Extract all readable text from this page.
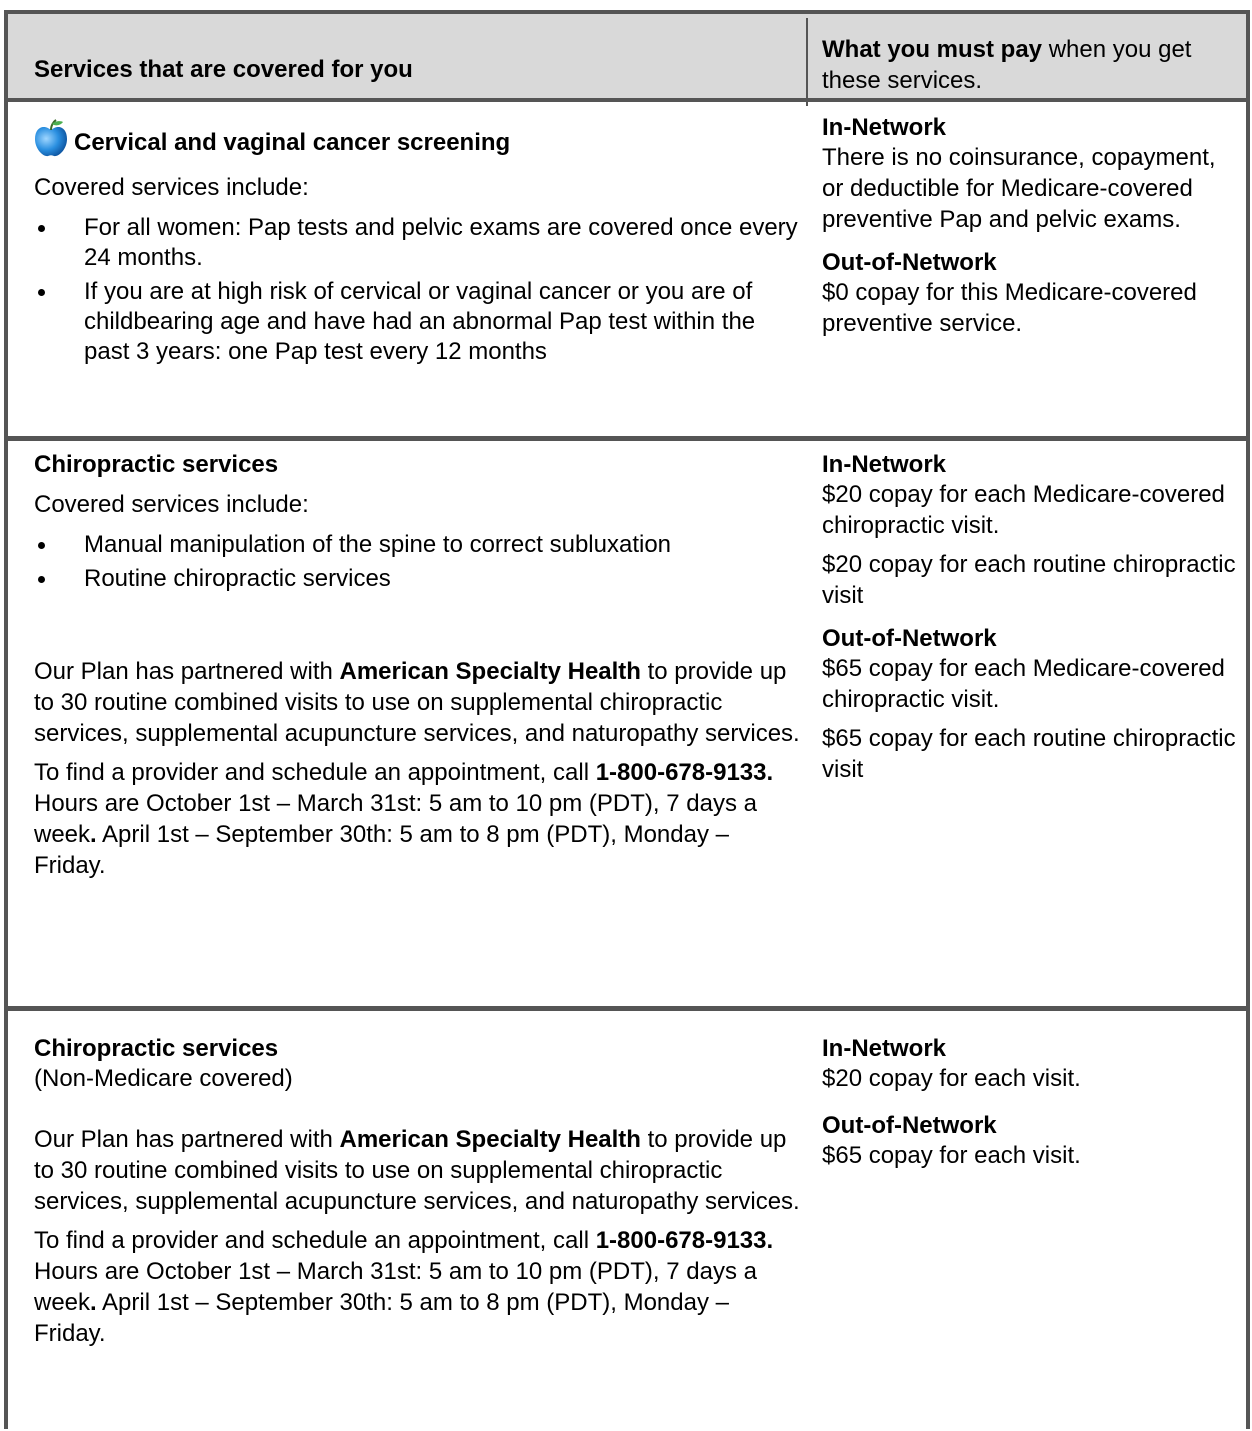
Services that are covered for you
What you must pay when you get these services.
Cervical and vaginal cancer screening
Covered services include:
For all women: Pap tests and pelvic exams are covered once every 24 months.
If you are at high risk of cervical or vaginal cancer or you are of childbearing age and have had an abnormal Pap test within the past 3 years: one Pap test every 12 months
In-Network
There is no coinsurance, copayment, or deductible for Medicare-covered preventive Pap and pelvic exams.
Out-of-Network
$0 copay for this Medicare-covered preventive service.
Chiropractic services
Covered services include:
Manual manipulation of the spine to correct subluxation
Routine chiropractic services
Our Plan has partnered with American Specialty Health to provide up to 30 routine combined visits to use on supplemental chiropractic services, supplemental acupuncture services, and naturopathy services.
To find a provider and schedule an appointment, call 1-800-678-9133. Hours are October 1st – March 31st: 5 am to 10 pm (PDT), 7 days a week. April 1st – September 30th: 5 am to 8 pm (PDT), Monday – Friday.
In-Network
$20 copay for each Medicare-covered chiropractic visit.
$20 copay for each routine chiropractic visit
Out-of-Network
$65 copay for each Medicare-covered chiropractic visit.
$65 copay for each routine chiropractic visit
Chiropractic services
(Non-Medicare covered)
Our Plan has partnered with American Specialty Health to provide up to 30 routine combined visits to use on supplemental chiropractic services, supplemental acupuncture services, and naturopathy services.
To find a provider and schedule an appointment, call 1-800-678-9133. Hours are October 1st – March 31st: 5 am to 10 pm (PDT), 7 days a week. April 1st – September 30th: 5 am to 8 pm (PDT), Monday – Friday.
In-Network
$20 copay for each visit.
Out-of-Network
$65 copay for each visit.
